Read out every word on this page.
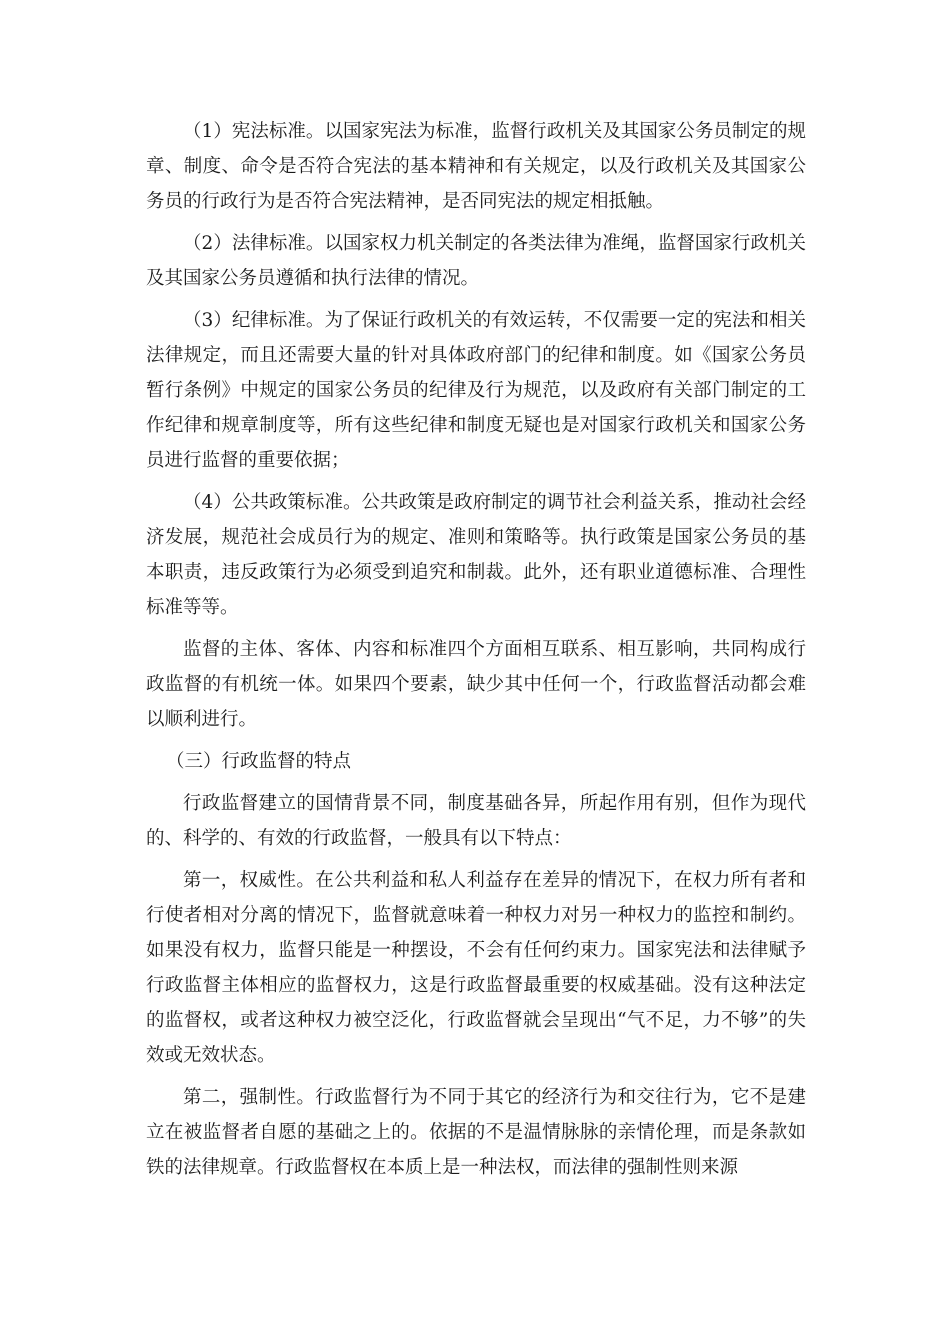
（1）宪法标准。以国家宪法为标准，监督行政机关及其国家公务员制定的规章、制度、命令是否符合宪法的基本精神和有关规定，以及行政机关及其国家公务员的行政行为是否符合宪法精神，是否同宪法的规定相抵触。

（2）法律标准。以国家权力机关制定的各类法律为准绳，监督国家行政机关及其国家公务员遵循和执行法律的情况。

（3）纪律标准。为了保证行政机关的有效运转，不仅需要一定的宪法和相关法律规定，而且还需要大量的针对具体政府部门的纪律和制度。如《国家公务员暂行条例》中规定的国家公务员的纪律及行为规范，以及政府有关部门制定的工作纪律和规章制度等，所有这些纪律和制度无疑也是对国家行政机关和国家公务员进行监督的重要依据；

（4）公共政策标准。公共政策是政府制定的调节社会利益关系，推动社会经济发展，规范社会成员行为的规定、准则和策略等。执行政策是国家公务员的基本职责，违反政策行为必须受到追究和制裁。此外，还有职业道德标准、合理性标准等等。

监督的主体、客体、内容和标准四个方面相互联系、相互影响，共同构成行政监督的有机统一体。如果四个要素，缺少其中任何一个，行政监督活动都会难以顺利进行。

（三）行政监督的特点

行政监督建立的国情背景不同，制度基础各异，所起作用有别，但作为现代的、科学的、有效的行政监督，一般具有以下特点：

第一，权威性。在公共利益和私人利益存在差异的情况下，在权力所有者和行使者相对分离的情况下，监督就意味着一种权力对另一种权力的监控和制约。如果没有权力，监督只能是一种摆设，不会有任何约束力。国家宪法和法律赋予行政监督主体相应的监督权力，这是行政监督最重要的权威基础。没有这种法定的监督权，或者这种权力被空泛化，行政监督就会呈现出“气不足，力不够”的失效或无效状态。

第二，强制性。行政监督行为不同于其它的经济行为和交往行为，它不是建立在被监督者自愿的基础之上的。依据的不是温情脉脉的亲情伦理，而是条款如铁的法律规章。行政监督权在本质上是一种法权，而法律的强制性则来源
